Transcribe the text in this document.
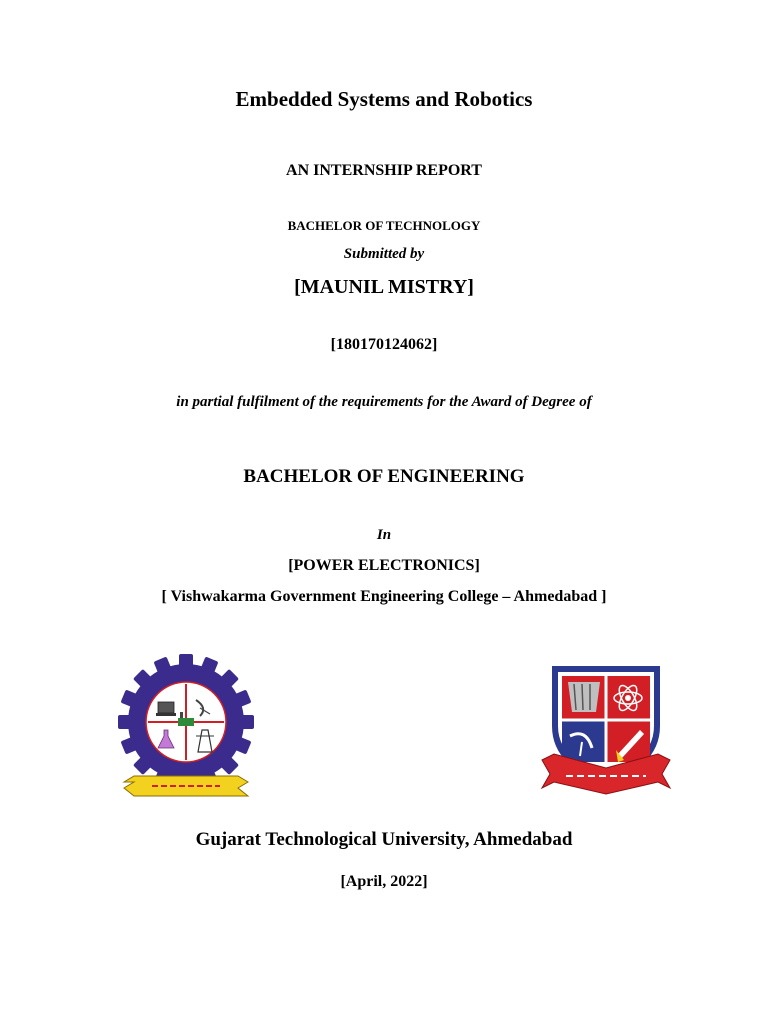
Embedded Systems and Robotics
AN INTERNSHIP REPORT
BACHELOR OF TECHNOLOGY
Submitted by
[MAUNIL MISTRY]
[180170124062]
in partial fulfilment of the requirements for the Award of Degree of
BACHELOR OF ENGINEERING
In
[POWER ELECTRONICS]
[ Vishwakarma Government Engineering College – Ahmedabad ]
Gujarat Technological University, Ahmedabad
[April, 2022]
